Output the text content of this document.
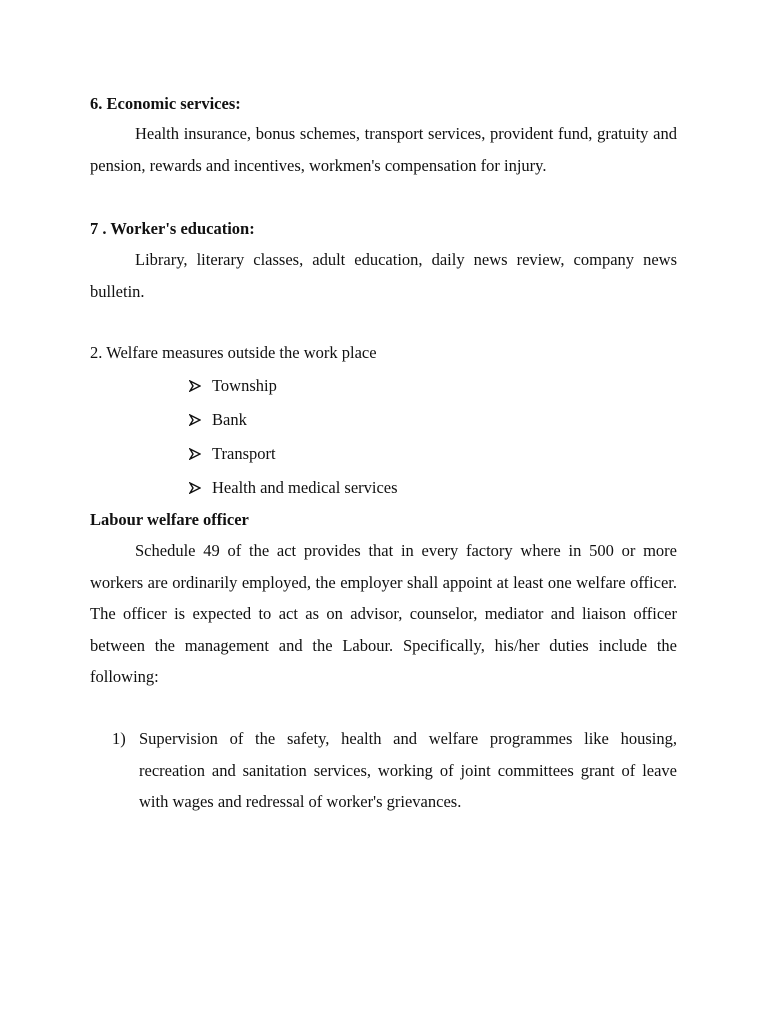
6. Economic services:

Health insurance, bonus schemes, transport services, provident fund, gratuity and pension, rewards and incentives, workmen's compensation for injury.

7 . Worker's education:

Library, literary classes, adult education, daily news review, company news bulletin.

2. Welfare measures outside the work place
Township
Bank
Transport
Health and medical services
Labour welfare officer

Schedule 49 of the act provides that in every factory where in 500 or more workers are ordinarily employed, the employer shall appoint at least one welfare officer. The officer is expected to act as on advisor, counselor, mediator and liaison officer between the management and the Labour. Specifically, his/her duties include the following:

1) Supervision of the safety, health and welfare programmes like housing, recreation and sanitation services, working of joint committees grant of leave with wages and redressal of worker's grievances.
